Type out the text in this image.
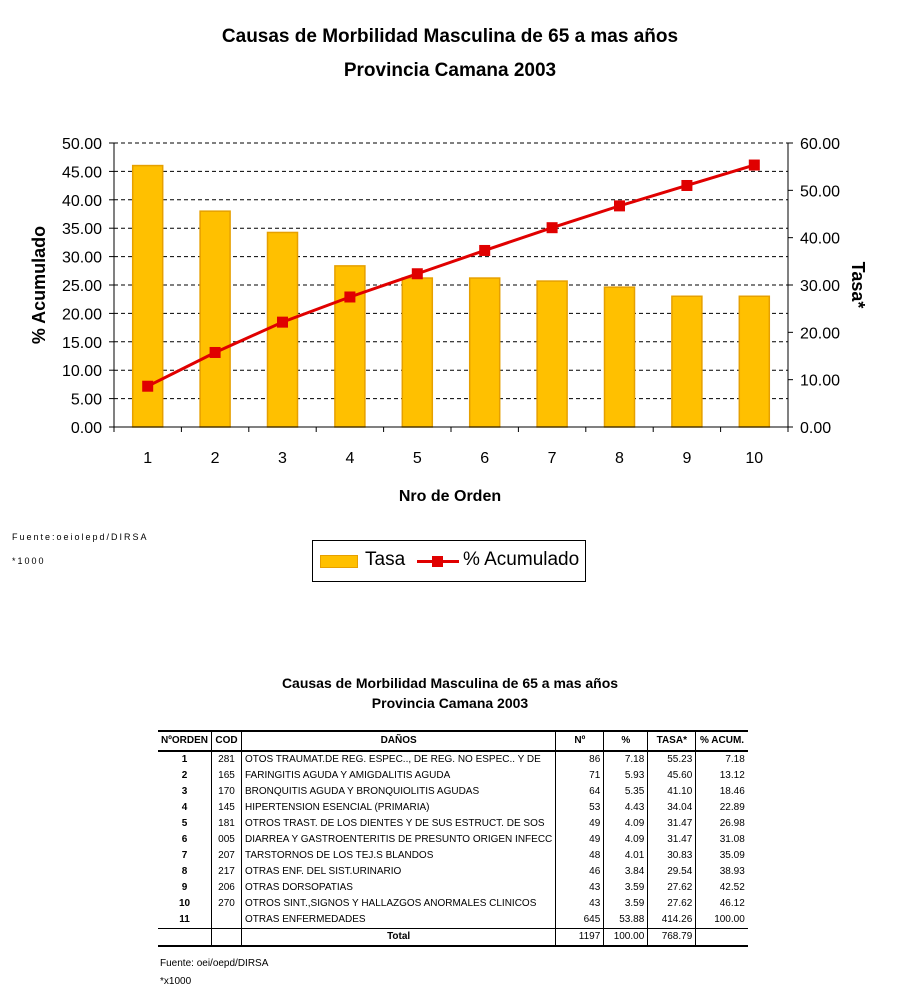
Causas de Morbilidad Masculina de 65 a mas años
Provincia Camana 2003
0.00
5.00
10.00
15.00
20.00
25.00
30.00
35.00
40.00
45.00
50.00
0.00
10.00
20.00
30.00
40.00
50.00
60.00
1	2	3	4	5	6	7	8	9	10
Nro de Orden
% Acumulado	Tasa*
Fuente:oeiolepd/DIRSA
*1000	Tasa	% Acumulado
Causas de Morbilidad Masculina de 65 a mas años
Provincia Camana 2003
NºORDEN	COD	DAÑOS	Nº	%	TASA*	% ACUM.
1	281	OTOS TRAUMAT.DE REG. ESPEC.., DE REG. NO ESPEC.. Y DE	86	7.18	55.23	7.18
2	165	FARINGITIS AGUDA Y AMIGDALITIS AGUDA	71	5.93	45.60	13.12
3	170	BRONQUITIS AGUDA Y BRONQUIOLITIS AGUDAS	64	5.35	41.10	18.46
4	145	HIPERTENSION ESENCIAL (PRIMARIA)	53	4.43	34.04	22.89
5	181	OTROS TRAST. DE LOS DIENTES Y DE SUS ESTRUCT. DE SOS	49	4.09	31.47	26.98
6	005	DIARREA Y GASTROENTERITIS DE PRESUNTO ORIGEN INFECC	49	4.09	31.47	31.08
7	207	TARSTORNOS DE LOS TEJ.S BLANDOS	48	4.01	30.83	35.09
8	217	OTRAS ENF. DEL SIST.URINARIO	46	3.84	29.54	38.93
9	206	OTRAS DORSOPATIAS	43	3.59	27.62	42.52
10	270	OTROS SINT.,SIGNOS Y HALLAZGOS ANORMALES CLINICOS	43	3.59	27.62	46.12
11		OTRAS ENFERMEDADES	645	53.88	414.26	100.00
		Total	1197	100.00	768.79	
Fuente: oei/oepd/DIRSA
*x1000
